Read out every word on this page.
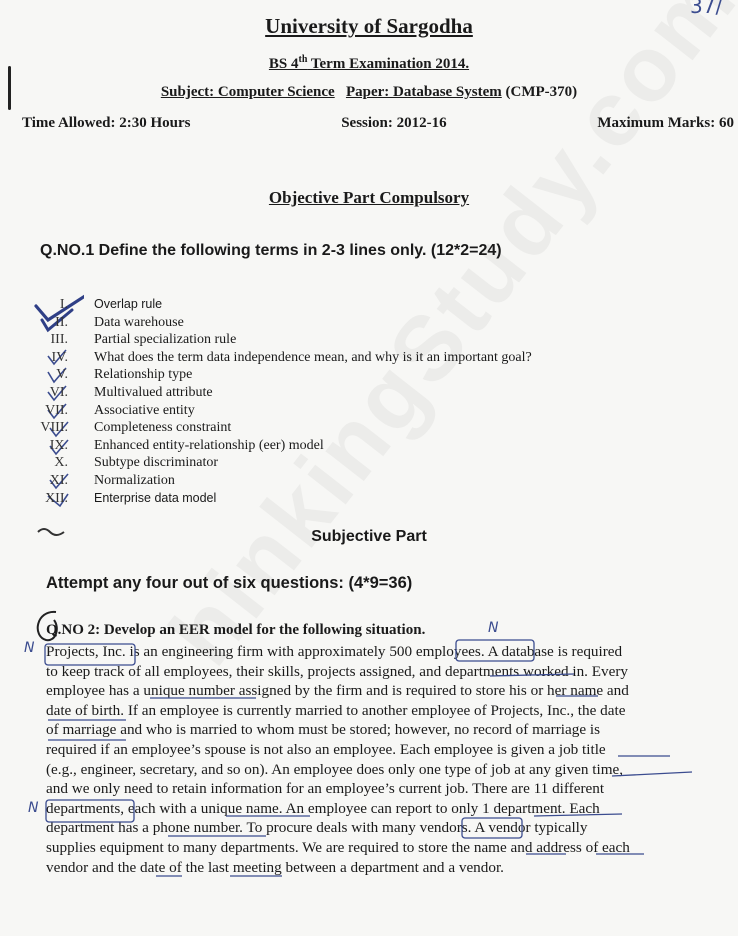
37/
University of Sargodha
BS 4th Term Examination 2014.
Subject: Computer Science Paper: Database System (CMP-370)
Time Allowed: 2:30 Hours	Session: 2012-16	Maximum Marks: 60
Objective Part Compulsory
Q.NO.1 Define the following terms in 2-3 lines only. (12*2=24)
I. Overlap rule
II. Data warehouse
III. Partial specialization rule
IV. What does the term data independence mean, and why is it an important goal?
V. Relationship type
VI. Multivalued attribute
VII. Associative entity
VIII. Completeness constraint
IX. Enhanced entity-relationship (eer) model
X. Subtype discriminator
XI. Normalization
XII. Enterprise data model
Subjective Part
Attempt any four out of six questions: (4*9=36)
N
N
N
Q.NO 2: Develop an EER model for the following situation.
Projects, Inc. is an engineering firm with approximately 500 employees. A database is required
to keep track of all employees, their skills, projects assigned, and departments worked in. Every
employee has a unique number assigned by the firm and is required to store his or her name and
date of birth. If an employee is currently married to another employee of Projects, Inc., the date
of marriage and who is married to whom must be stored; however, no record of marriage is
required if an employee’s spouse is not also an employee. Each employee is given a job title
(e.g., engineer, secretary, and so on). An employee does only one type of job at any given time,
and we only need to retain information for an employee’s current job. There are 11 different
departments, each with a unique name. An employee can report to only 1 department. Each
department has a phone number. To procure deals with many vendors. A vendor typically
supplies equipment to many departments. We are required to store the name and address of each
vendor and the date of the last meeting between a department and a vendor.
